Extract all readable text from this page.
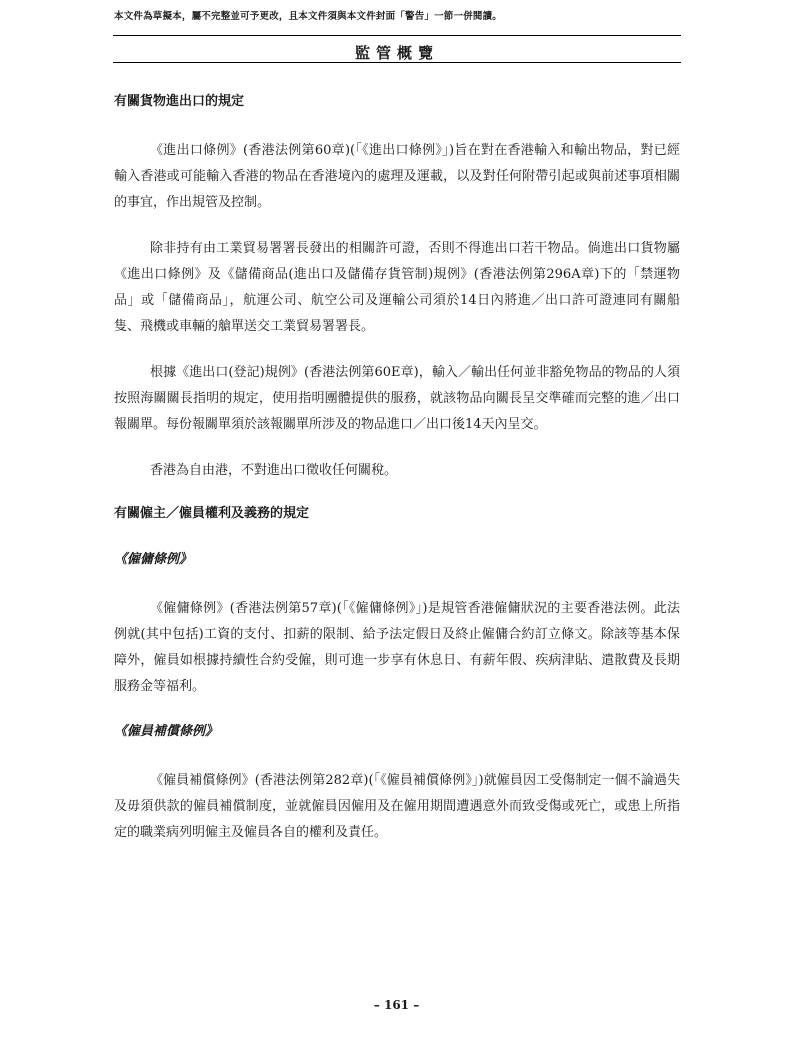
本文件為草擬本，屬不完整並可予更改，且本文件須與本文件封面「警告」一節一併閱讀。
監管概覽

有關貨物進出口的規定

《進出口條例》(香港法例第60章)(「《進出口條例》」)旨在對在香港輸入和輸出物品，對已經輸入香港或可能輸入香港的物品在香港境內的處理及運載，以及對任何附帶引起或與前述事項相關的事宜，作出規管及控制。

除非持有由工業貿易署署長發出的相關許可證，否則不得進出口若干物品。倘進出口貨物屬《進出口條例》及《儲備商品(進出口及儲備存貨管制)規例》(香港法例第296A章)下的「禁運物品」或「儲備商品」，航運公司、航空公司及運輸公司須於14日內將進／出口許可證連同有關船隻、飛機或車輛的艙單送交工業貿易署署長。

根據《進出口(登記)規例》(香港法例第60E章)，輸入／輸出任何並非豁免物品的物品的人須按照海關關長指明的規定，使用指明團體提供的服務，就該物品向關長呈交準確而完整的進／出口報關單。每份報關單須於該報關單所涉及的物品進口／出口後14天內呈交。

香港為自由港，不對進出口徵收任何關稅。

有關僱主／僱員權利及義務的規定

《僱傭條例》

《僱傭條例》(香港法例第57章)(「《僱傭條例》」)是規管香港僱傭狀況的主要香港法例。此法例就(其中包括)工資的支付、扣薪的限制、給予法定假日及終止僱傭合約訂立條文。除該等基本保障外，僱員如根據持續性合約受僱，則可進一步享有休息日、有薪年假、疾病津貼、遣散費及長期服務金等福利。

《僱員補償條例》

《僱員補償條例》(香港法例第282章)(「《僱員補償條例》」)就僱員因工受傷制定一個不論過失及毋須供款的僱員補償制度，並就僱員因僱用及在僱用期間遭遇意外而致受傷或死亡，或患上所指定的職業病列明僱主及僱員各自的權利及責任。

– 161 –
